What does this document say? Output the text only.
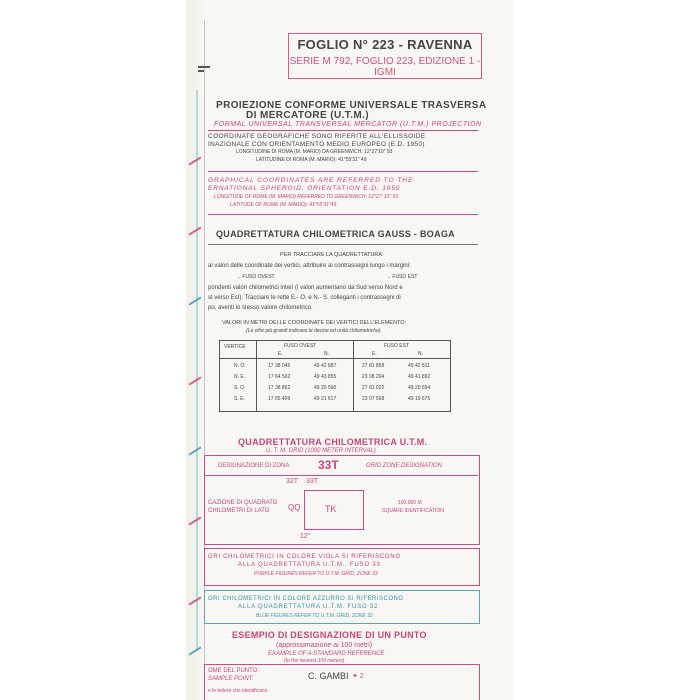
FOGLIO N° 223 - RAVENNA
SERIE M 792, FOGLIO 223, EDIZIONE 1 - IGMI
PROIEZIONE CONFORME UNIVERSALE TRASVERSA
DI MERCATORE (U.T.M.)
FORMAL UNIVERSAL TRANSVERSAL MERCATOR (U.T.M.) PROJECTION
COORDINATE GEOGRAFICHE SONO RIFERITE ALL'ELLISSOIDE
INAZIONALE CON ORIENTAMENTO MEDIO EUROPEO (E.D. 1950)
LONGITUDINE DI ROMA (M. MARIO) DA GREENWICH: 12°27'10" 93
LATITUDINE DI ROMA (M. MARIO): 41°55'31" 49
GRAPHICAL COORDINATES ARE REFERRED TO THE
ERNATIONAL SPHEROID, ORIENTATION E.D. 1950
LONGITUDE OF ROME (M. MARIO) REFERRED TO GREENWICH: 12°27' 10" 93
LATITUDE OF ROME (M. MARIO): 41°55'31"49
QUADRETTATURA CHILOMETRICA GAUSS - BOAGA
PER TRACCIARE LA QUADRETTATURA:
ai valori delle coordinate dei vertici, attribuire ai contrassegni lungo i margini:
→ FUSO OVEST	→ FUSO EST
pondenti valori chilometrici interi (i valori aumentano da Sud verso Nord e
st verso Est). Tracciare le rette E.- O. e N.- S. colleganti i contrassegni di
po, aventi lo stesso valore chilometrico.
VALORI IN METRI DELLE COORDINATE DEI VERTICI DELL'ELEMENTO:
(Le cifre più grandi indicano le decine ed unità chilometriche)
VERTICE	FUSO OVEST	FUSO EST
E.	N.	E.	N.
N. O.	17 38 046	49 42 887	27 81 858	49 42 811
N. E.	17 64 502	49 43 855	23 08 294	49 41 892
S. O.	17 38 862	49 20 590	27 81 022	49 20 594
S. E.	17 65 409	49 21 617	23 07 568	49 19 675
QUADRETTATURA CHILOMETRICA U.T.M.
U. T. M. GRID (1000 METER INTERVAL)
DESIGNAZIONE DI ZONA 33T	GRID ZONE DESIGNATION
32T 33T
CAZIONE DI QUADRATO
CHILOMETRI DI LATO QQ	TK
100.000 M
SQUARE IDENTIFICATION
12°
ORI CHILOMETRICI IN COLORE VIOLA SI RIFERISCONO
ALLA QUADRETTATURA U.T.M., FUSO 33
PURPLE FIGURES REFER TO U.T.M. GRID, ZONE 33
ORI CHILOMETRICI IN COLORE AZZURRO SI RIFERISCONO
ALLA QUADRETTATURA U.T.M. FUSO 32
BLUE FIGURES REFER TO U.T.M. GRID, ZONE 32
ESEMPIO DI DESIGNAZIONE DI UN PUNTO
(approssimazione ai 100 metri)
EXAMPLE OF A STANDARD REFERENCE
(to the nearest 100 meters)
OME DEL PUNTO:
SAMPLE POINT:	C. GAMBI ✦ 2
e le lettere che identificano
